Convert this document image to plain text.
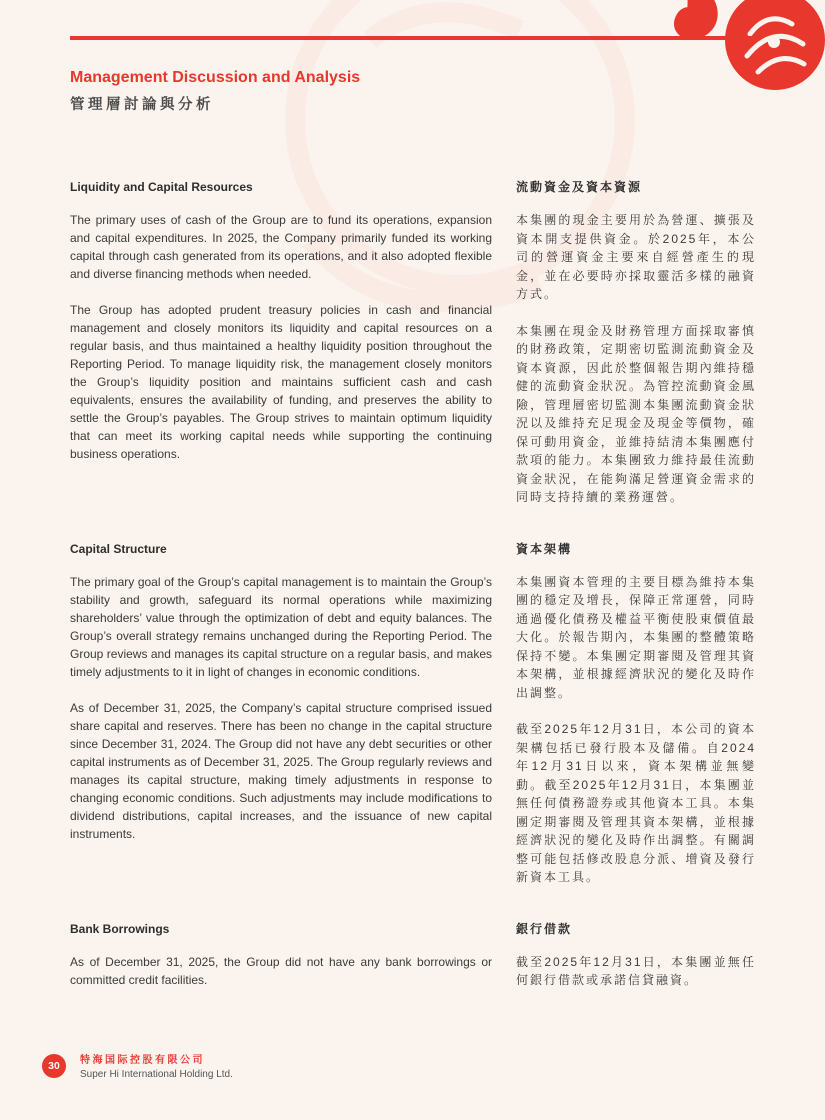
Management Discussion and Analysis
管理層討論與分析
Liquidity and Capital Resources

The primary uses of cash of the Group are to fund its operations, expansion and capital expenditures. In 2025, the Company primarily funded its working capital through cash generated from its operations, and it also adopted flexible and diverse financing methods when needed.

The Group has adopted prudent treasury policies in cash and financial management and closely monitors its liquidity and capital resources on a regular basis, and thus maintained a healthy liquidity position throughout the Reporting Period. To manage liquidity risk, the management closely monitors the Group’s liquidity position and maintains sufficient cash and cash equivalents, ensures the availability of funding, and preserves the ability to settle the Group’s payables. The Group strives to maintain optimum liquidity that can meet its working capital needs while supporting the continuing business operations.

流動資金及資本資源

本集團的現金主要用於為營運、擴張及資本開支提供資金。於2025年，本公司的營運資金主要來自經營產生的現金，並在必要時亦採取靈活多樣的融資方式。

本集團在現金及財務管理方面採取審慎的財務政策，定期密切監測流動資金及資本資源，因此於整個報告期內維持穩健的流動資金狀況。為管控流動資金風險，管理層密切監測本集團流動資金狀況以及維持充足現金及現金等價物，確保可動用資金，並維持結清本集團應付款項的能力。本集團致力維持最佳流動資金狀況，在能夠滿足營運資金需求的同時支持持續的業務運營。

Capital Structure

The primary goal of the Group’s capital management is to maintain the Group’s stability and growth, safeguard its normal operations while maximizing shareholders’ value through the optimization of debt and equity balances. The Group’s overall strategy remains unchanged during the Reporting Period. The Group reviews and manages its capital structure on a regular basis, and makes timely adjustments to it in light of changes in economic conditions.

As of December 31, 2025, the Company’s capital structure comprised issued share capital and reserves. There has been no change in the capital structure since December 31, 2024. The Group did not have any debt securities or other capital instruments as of December 31, 2025. The Group regularly reviews and manages its capital structure, making timely adjustments in response to changing economic conditions. Such adjustments may include modifications to dividend distributions, capital increases, and the issuance of new capital instruments.

資本架構

本集團資本管理的主要目標為維持本集團的穩定及增長，保障正常運營，同時通過優化債務及權益平衡使股東價值最大化。於報告期內，本集團的整體策略保持不變。本集團定期審閱及管理其資本架構，並根據經濟狀況的變化及時作出調整。

截至2025年12月31日，本公司的資本架構包括已發行股本及儲備。自2024年12月31日以來，資本架構並無變動。截至2025年12月31日，本集團並無任何債務證券或其他資本工具。本集團定期審閱及管理其資本架構，並根據經濟狀況的變化及時作出調整。有關調整可能包括修改股息分派、增資及發行新資本工具。

Bank Borrowings

As of December 31, 2025, the Group did not have any bank borrowings or committed credit facilities.

銀行借款

截至2025年12月31日，本集團並無任何銀行借款或承諾信貸融資。

30	特海国际控股有限公司
Super Hi International Holding Ltd.
